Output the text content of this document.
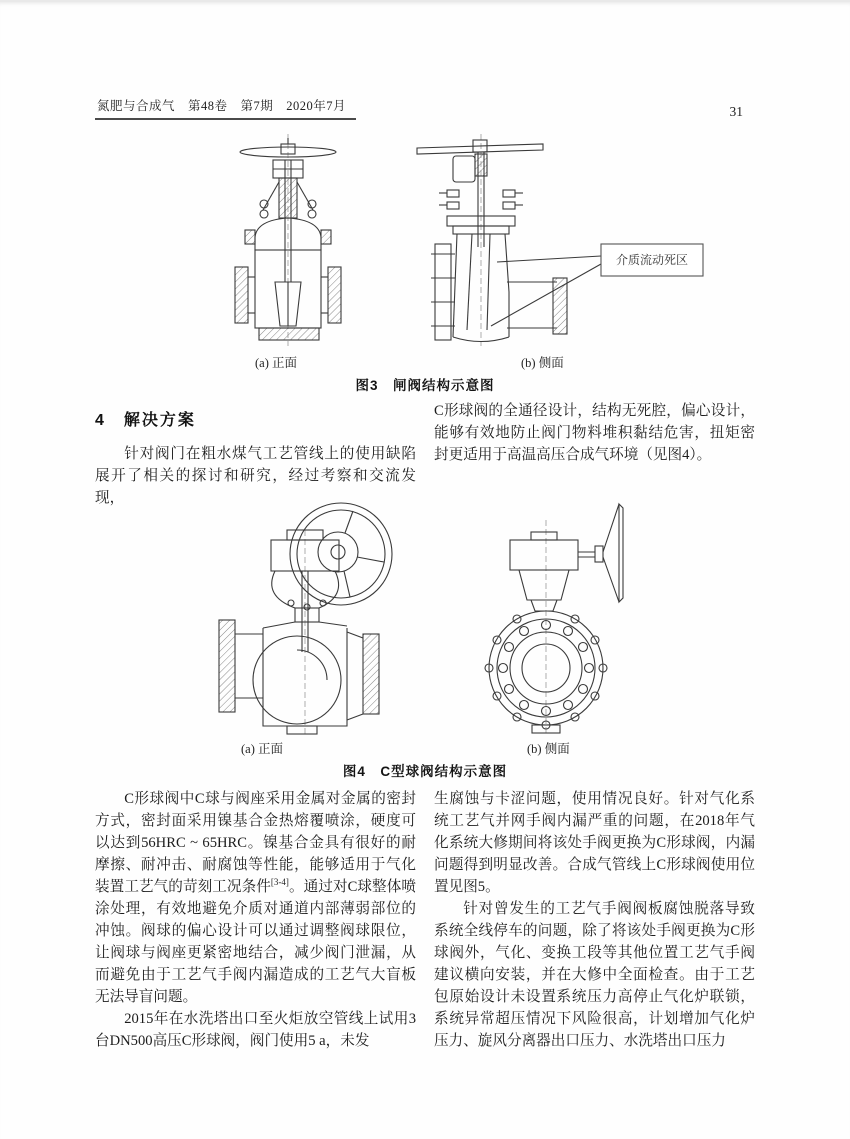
氮肥与合成气　第48卷　第7期　2020年7月	31
介质流动死区
(a) 正面	(b) 侧面
图3　闸阀结构示意图
4　解决方案

针对阀门在粗水煤气工艺管线上的使用缺陷展开了相关的探讨和研究，经过考察和交流发现，

C形球阀的全通径设计，结构无死腔，偏心设计，能够有效地防止阀门物料堆积黏结危害，扭矩密封更适用于高温高压合成气环境（见图4）。

(a) 正面	(b) 侧面
图4　C型球阀结构示意图

C形球阀中C球与阀座采用金属对金属的密封方式，密封面采用镍基合金热熔覆喷涂，硬度可以达到56HRC ~ 65HRC。镍基合金具有很好的耐摩擦、耐冲击、耐腐蚀等性能，能够适用于气化装置工艺气的苛刻工况条件[3-4]。通过对C球整体喷涂处理，有效地避免介质对通道内部薄弱部位的冲蚀。阀球的偏心设计可以通过调整阀球限位，让阀球与阀座更紧密地结合，减少阀门泄漏，从而避免由于工艺气手阀内漏造成的工艺气大盲板无法导盲问题。

2015年在水洗塔出口至火炬放空管线上试用3台DN500高压C形球阀，阀门使用5 a，未发

生腐蚀与卡涩问题，使用情况良好。针对气化系统工艺气并网手阀内漏严重的问题，在2018年气化系统大修期间将该处手阀更换为C形球阀，内漏问题得到明显改善。合成气管线上C形球阀使用位置见图5。

针对曾发生的工艺气手阀阀板腐蚀脱落导致系统全线停车的问题，除了将该处手阀更换为C形球阀外，气化、变换工段等其他位置工艺气手阀建议横向安装，并在大修中全面检查。由于工艺包原始设计未设置系统压力高停止气化炉联锁，系统异常超压情况下风险很高，计划增加气化炉压力、旋风分离器出口压力、水洗塔出口压力
